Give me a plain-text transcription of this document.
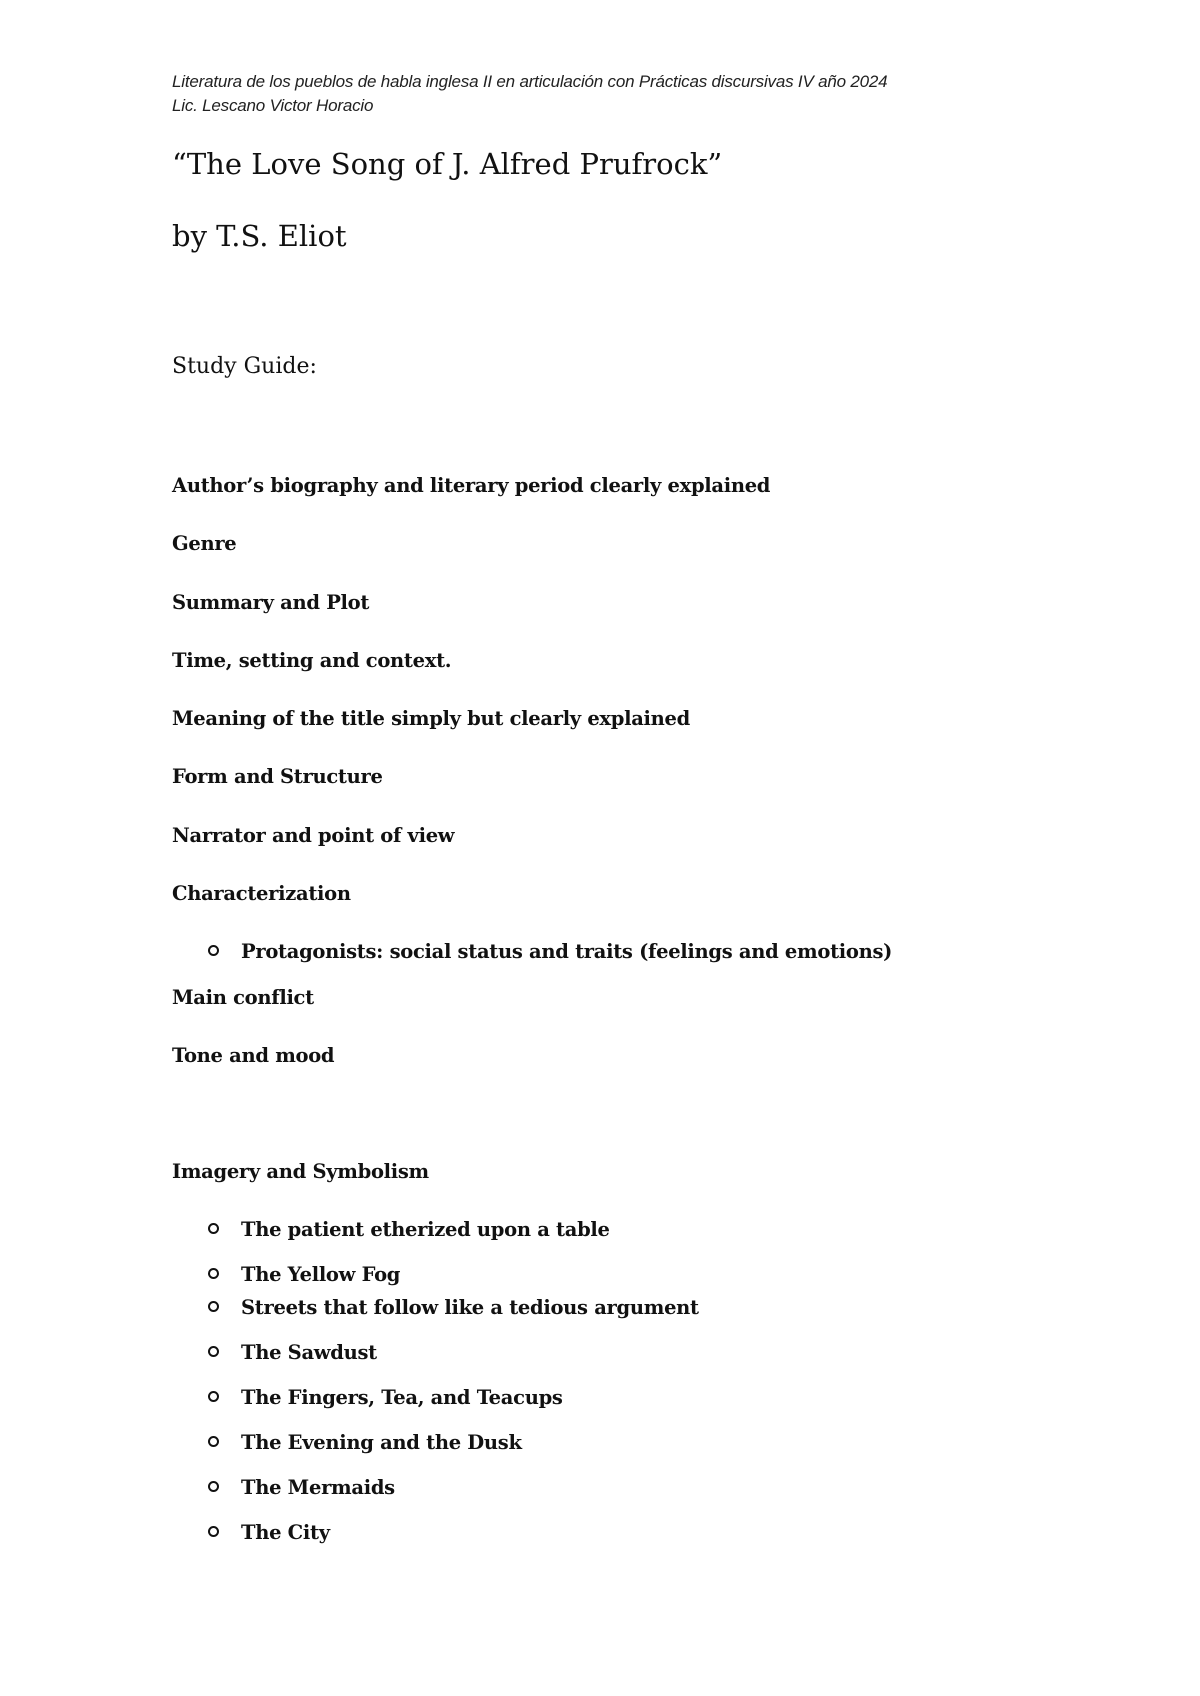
Literatura de los pueblos de habla inglesa II en articulación con Prácticas discursivas IV año 2024
Lic. Lescano Victor Horacio
“The Love Song of J. Alfred Prufrock”
by T.S. Eliot
Study Guide:
Author’s biography and literary period clearly explained
Genre
Summary and Plot
Time, setting and context.
Meaning of the title simply but clearly explained
Form and Structure
Narrator and point of view
Characterization
Protagonists: social status and traits (feelings and emotions)
Main conflict
Tone and mood
Imagery and Symbolism
The patient etherized upon a table
The Yellow Fog
Streets that follow like a tedious argument
The Sawdust
The Fingers, Tea, and Teacups
The Evening and the Dusk
The Mermaids
The City
